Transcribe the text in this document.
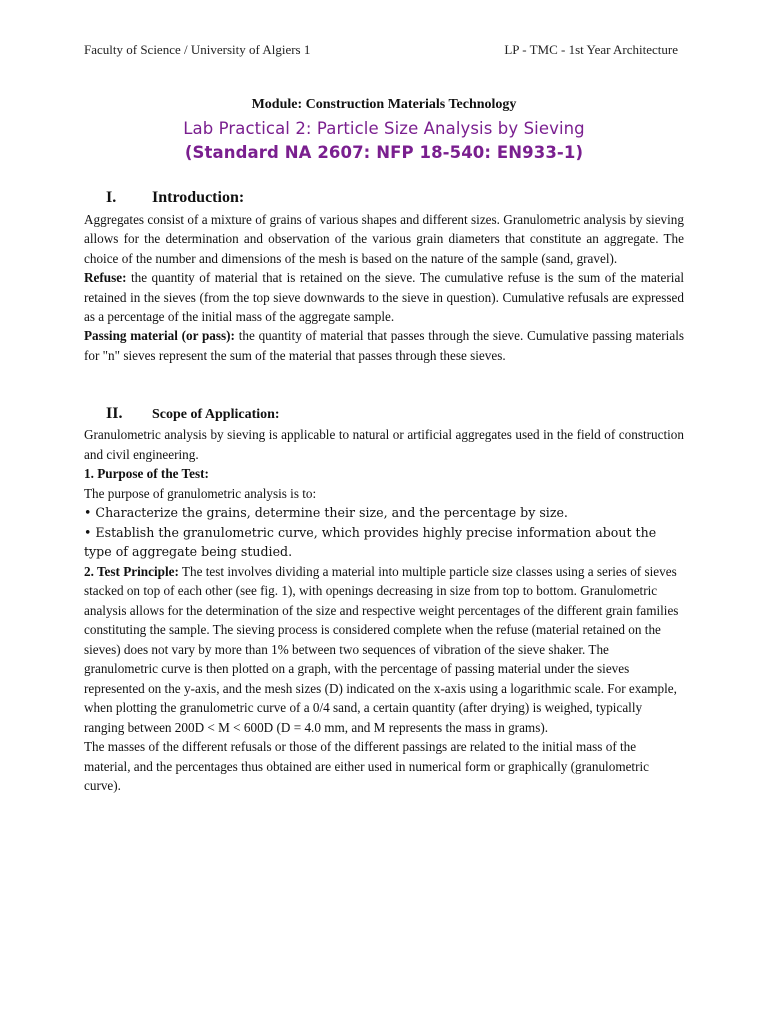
Faculty of Science / University of Algiers 1	LP - TMC - 1st Year Architecture
Module: Construction Materials Technology
Lab Practical 2: Particle Size Analysis by Sieving
(Standard NA 2607: NFP 18-540: EN933-1)
I. Introduction:

Aggregates consist of a mixture of grains of various shapes and different sizes. Granulometric analysis by sieving allows for the determination and observation of the various grain diameters that constitute an aggregate. The choice of the number and dimensions of the mesh is based on the nature of the sample (sand, gravel).

Refuse: the quantity of material that is retained on the sieve. The cumulative refuse is the sum of the material retained in the sieves (from the top sieve downwards to the sieve in question). Cumulative refusals are expressed as a percentage of the initial mass of the aggregate sample.

Passing material (or pass): the quantity of material that passes through the sieve. Cumulative passing materials for "n" sieves represent the sum of the material that passes through these sieves.

II. Scope of Application:

Granulometric analysis by sieving is applicable to natural or artificial aggregates used in the field of construction and civil engineering.

1. Purpose of the Test:

The purpose of granulometric analysis is to:

• Characterize the grains, determine their size, and the percentage by size.

• Establish the granulometric curve, which provides highly precise information about the type of aggregate being studied.

2. Test Principle: The test involves dividing a material into multiple particle size classes using a series of sieves stacked on top of each other (see fig. 1), with openings decreasing in size from top to bottom. Granulometric analysis allows for the determination of the size and respective weight percentages of the different grain families constituting the sample. The sieving process is considered complete when the refuse (material retained on the sieves) does not vary by more than 1% between two sequences of vibration of the sieve shaker. The granulometric curve is then plotted on a graph, with the percentage of passing material under the sieves represented on the y-axis, and the mesh sizes (D) indicated on the x-axis using a logarithmic scale. For example, when plotting the granulometric curve of a 0/4 sand, a certain quantity (after drying) is weighed, typically ranging between 200D < M < 600D (D = 4.0 mm, and M represents the mass in grams).

The masses of the different refusals or those of the different passings are related to the initial mass of the material, and the percentages thus obtained are either used in numerical form or graphically (granulometric curve).
